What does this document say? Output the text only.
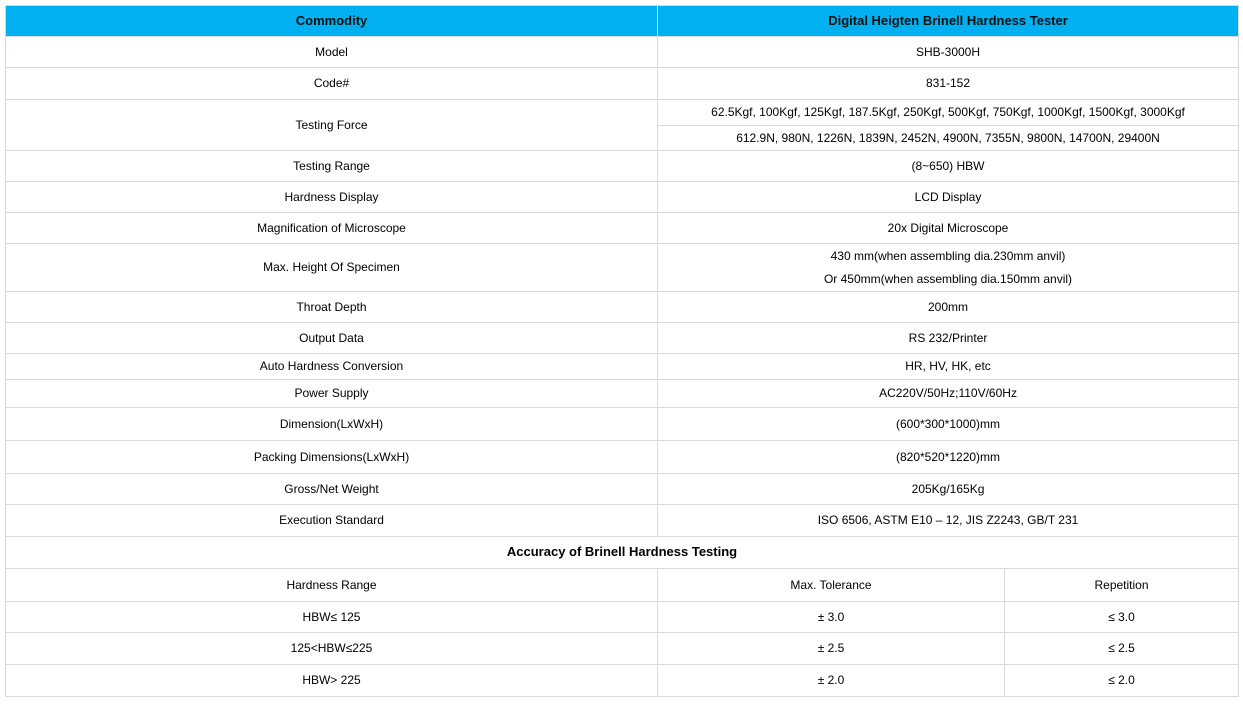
Commodity	Digital Heigten Brinell Hardness Tester	
Model	SHB-3000H	
Code#	831-152	
Testing Force	62.5Kgf, 100Kgf, 125Kgf, 187.5Kgf, 250Kgf, 500Kgf, 750Kgf, 1000Kgf, 1500Kgf, 3000Kgf	
	612.9N, 980N, 1226N, 1839N, 2452N, 4900N, 7355N, 9800N, 14700N, 29400N	
Testing Range	(8~650) HBW	
Hardness Display	LCD Display	
Magnification of Microscope	20x Digital Microscope	
Max. Height Of Specimen	430 mm(when assembling dia.230mm anvil)
Or 450mm(when assembling dia.150mm anvil)	

Throat Depth	200mm	
Output Data	RS 232/Printer	
Auto Hardness Conversion	HR, HV, HK, etc	
Power Supply	AC220V/50Hz;110V/60Hz	
Dimension(LxWxH)	(600*300*1000)mm	
Packing Dimensions(LxWxH)	(820*520*1220)mm	
Gross/Net Weight	205Kg/165Kg	
Execution Standard	ISO 6506, ASTM E10 – 12, JIS Z2243, GB/T 231	
Accuracy of Brinell Hardness Testing		
Hardness Range	Max. Tolerance	Repetition
HBW≤ 125	± 3.0	≤ 3.0
125<HBW≤225	± 2.5	≤ 2.5
HBW> 225	± 2.0	≤ 2.0
